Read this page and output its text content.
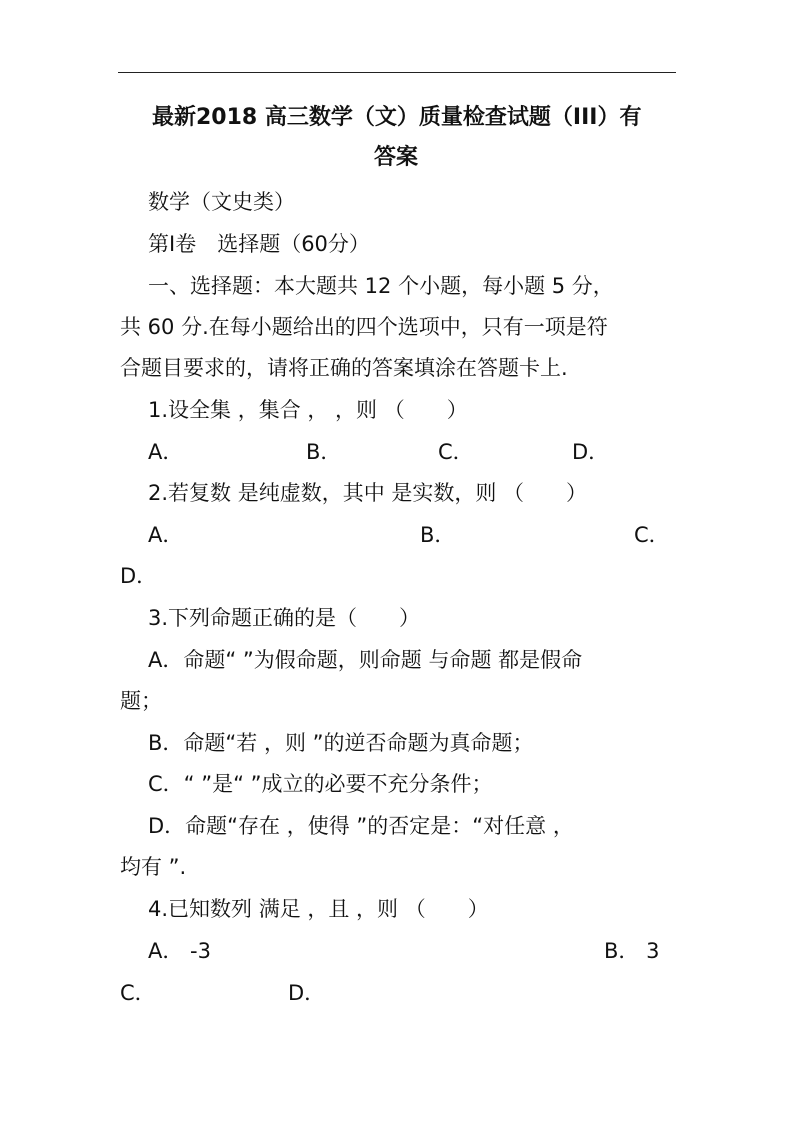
最新2018 高三数学（文）质量检查试题（III）有
答案
数学（文史类）
第Ⅰ卷　选择题（60分）
一、选择题：本大题共 12 个小题，每小题 5 分，
共 60 分.在每小题给出的四个选项中，只有一项是符
合题目要求的，请将正确的答案填涂在答题卡上.
1.设全集 ，集合 ， ，则 （　　）
A．	B．	C．	D．
2.若复数 是纯虚数，其中 是实数，则 （　　）
A．	B．	C．
D．
3.下列命题正确的是（　　）
A．命题“ ”为假命题，则命题 与命题 都是假命
题；
B．命题“若 ，则 ”的逆否命题为真命题；
C．“ ”是“ ”成立的必要不充分条件；
D．命题“存在 ，使得 ”的否定是：“对任意 ，
均有 ”.
4.已知数列 满足 ，且 ，则 （　　）
A． -3	B． 3
C．	D．
